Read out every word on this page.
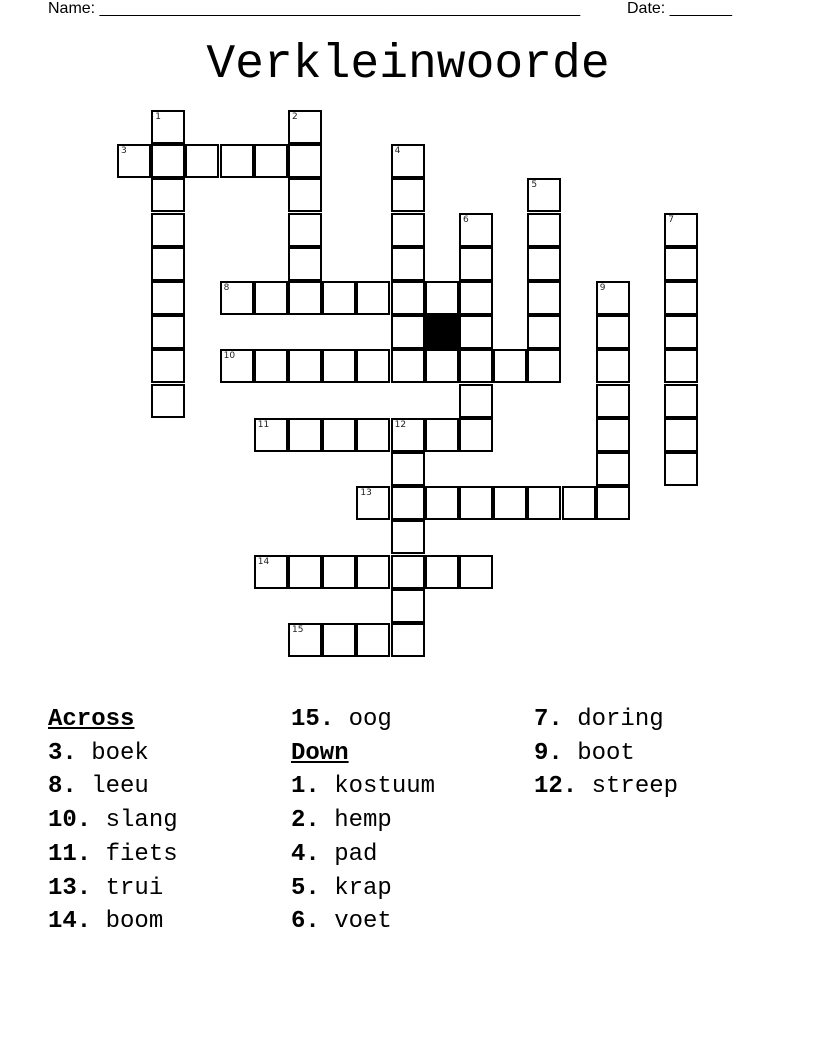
Name: ______________________________________________________	Date: _______
Verkleinwoorde
3
8
10
11	12
13
14
15
1	2
4
5
6	7
9
Across
3. boek
8. leeu
10. slang
11. fiets
13. trui
14. boom
15. oog
Down
1. kostuum
2. hemp
4. pad
5. krap
6. voet
7. doring
9. boot
12. streep
